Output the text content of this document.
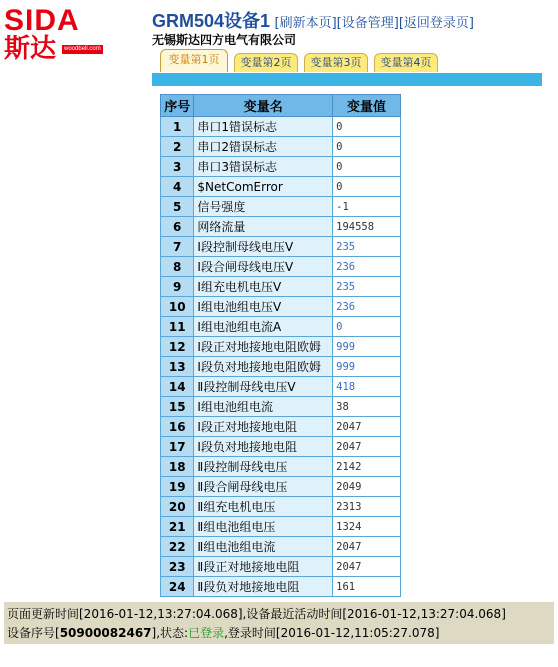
SIDA
斯达	woodbell.com
GRM504设备1 [刷新本页][设备管理][返回登录页]
无锡斯达四方电气有限公司
变量第1页	变量第2页	变量第3页	变量第4页
序号	变量名	变量值
1	串口1错误标志	0
2	串口2错误标志	0
3	串口3错误标志	0
4	$NetComError	0
5	信号强度	-1
6	网络流量	194558
7	I段控制母线电压V	235
8	I段合闸母线电压V	236
9	I组充电机电压V	235
10	I组电池组电压V	236
11	I组电池组电流A	0
12	I段正对地接地电阻欧姆	999
13	I段负对地接地电阻欧姆	999
14	Ⅱ段控制母线电压V	418
15	I组电池组电流	38
16	I段正对地接地电阻	2047
17	I段负对地接地电阻	2047
18	Ⅱ段控制母线电压	2142
19	Ⅱ段合闸母线电压	2049
20	Ⅱ组充电机电压	2313
21	Ⅱ组电池组电压	1324
22	Ⅱ组电池组电流	2047
23	Ⅱ段正对地接地电阻	2047
24	Ⅱ段负对地接地电阻	161
页面更新时间[2016-01-12,13:27:04.068],设备最近活动时间[2016-01-12,13:27:04.068]
设备序号[50900082467],状态:已登录,登录时间[2016-01-12,11:05:27.078]
